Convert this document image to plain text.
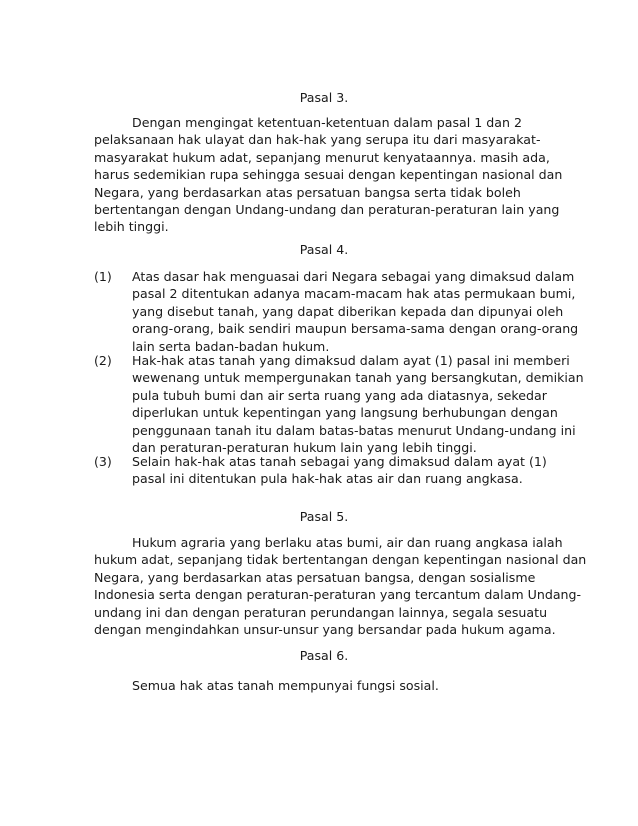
Pasal 3.
Dengan mengingat ketentuan-ketentuan dalam pasal 1 dan 2
pelaksanaan hak ulayat dan hak-hak yang serupa itu dari masyarakat-
masyarakat hukum adat, sepanjang menurut kenyataannya. masih ada,
harus sedemikian rupa sehingga sesuai dengan kepentingan nasional dan
Negara, yang berdasarkan atas persatuan bangsa serta tidak boleh
bertentangan dengan Undang-undang dan peraturan-peraturan lain yang
lebih tinggi.
Pasal 4.
(1) Atas dasar hak menguasai dari Negara sebagai yang dimaksud dalam
pasal 2 ditentukan adanya macam-macam hak atas permukaan bumi,
yang disebut tanah, yang dapat diberikan kepada dan dipunyai oleh
orang-orang, baik sendiri maupun bersama-sama dengan orang-orang
lain serta badan-badan hukum.
(2) Hak-hak atas tanah yang dimaksud dalam ayat (1) pasal ini memberi
wewenang untuk mempergunakan tanah yang bersangkutan, demikian
pula tubuh bumi dan air serta ruang yang ada diatasnya, sekedar
diperlukan untuk kepentingan yang langsung berhubungan dengan
penggunaan tanah itu dalam batas-batas menurut Undang-undang ini
dan peraturan-peraturan hukum lain yang lebih tinggi.
(3) Selain hak-hak atas tanah sebagai yang dimaksud dalam ayat (1)
pasal ini ditentukan pula hak-hak atas air dan ruang angkasa.
Pasal 5.
Hukum agraria yang berlaku atas bumi, air dan ruang angkasa ialah
hukum adat, sepanjang tidak bertentangan dengan kepentingan nasional dan
Negara, yang berdasarkan atas persatuan bangsa, dengan sosialisme
Indonesia serta dengan peraturan-peraturan yang tercantum dalam Undang-
undang ini dan dengan peraturan perundangan lainnya, segala sesuatu
dengan mengindahkan unsur-unsur yang bersandar pada hukum agama.
Pasal 6.
Semua hak atas tanah mempunyai fungsi sosial.
